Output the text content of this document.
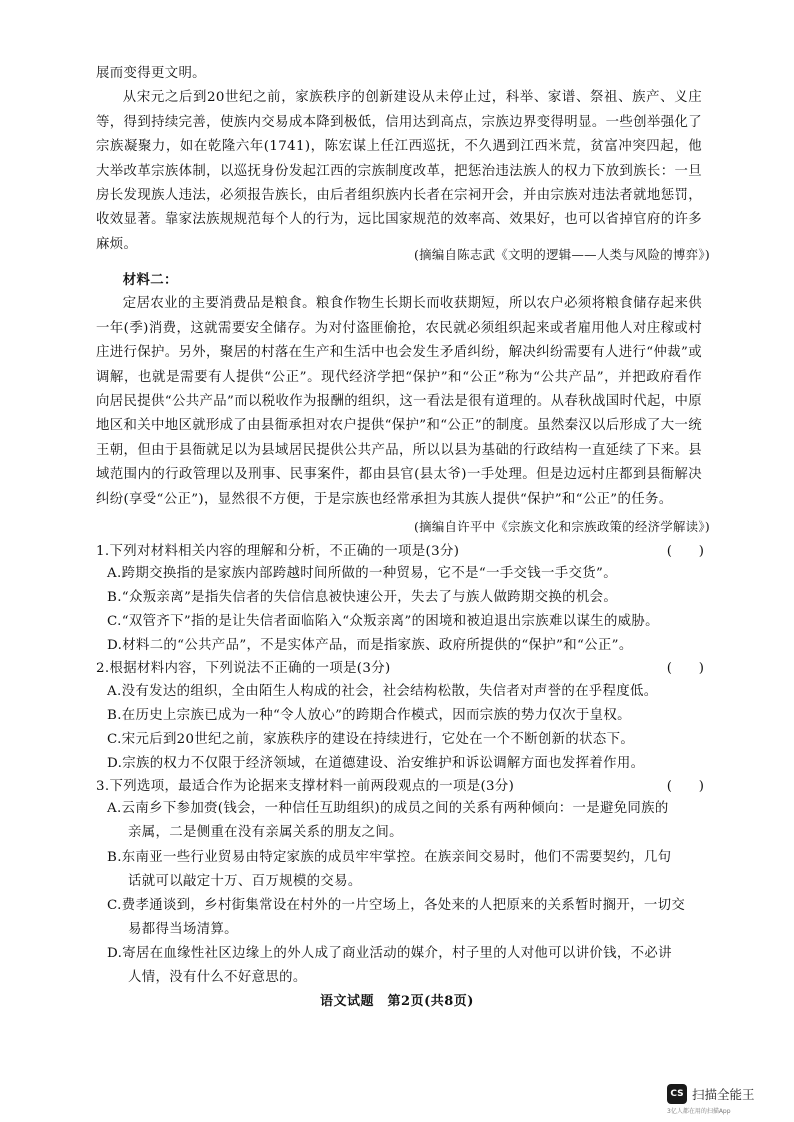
展而变得更文明。

从宋元之后到20世纪之前，家族秩序的创新建设从未停止过，科举、家谱、祭祖、族产、义庄等，得到持续完善，使族内交易成本降到极低，信用达到高点，宗族边界变得明显。一些创举强化了宗族凝聚力，如在乾隆六年(1741)，陈宏谋上任江西巡抚，不久遇到江西米荒，贫富冲突四起，他大举改革宗族体制，以巡抚身份发起江西的宗族制度改革，把惩治违法族人的权力下放到族长：一旦房长发现族人违法，必须报告族长，由后者组织族内长者在宗祠开会，并由宗族对违法者就地惩罚，收效显著。靠家法族规规范每个人的行为，远比国家规范的效率高、效果好，也可以省掉官府的许多麻烦。

(摘编自陈志武《文明的逻辑——人类与风险的博弈》)

材料二：

定居农业的主要消费品是粮食。粮食作物生长期长而收获期短，所以农户必须将粮食储存起来供一年(季)消费，这就需要安全储存。为对付盗匪偷抢，农民就必须组织起来或者雇用他人对庄稼或村庄进行保护。另外，聚居的村落在生产和生活中也会发生矛盾纠纷，解决纠纷需要有人进行“仲裁”或调解，也就是需要有人提供“公正”。现代经济学把“保护”和“公正”称为“公共产品”，并把政府看作向居民提供“公共产品”而以税收作为报酬的组织，这一看法是很有道理的。从春秋战国时代起，中原地区和关中地区就形成了由县衙承担对农户提供“保护”和“公正”的制度。虽然秦汉以后形成了大一统王朝，但由于县衙就足以为县域居民提供公共产品，所以以县为基础的行政结构一直延续了下来。县域范围内的行政管理以及刑事、民事案件，都由县官(县太爷)一手处理。但是边远村庄都到县衙解决纠纷(享受“公正”)，显然很不方便，于是宗族也经常承担为其族人提供“保护”和“公正”的任务。

(摘编自许平中《宗族文化和宗族政策的经济学解读》)
1.下列对材料相关内容的理解和分析，不正确的一项是(3分)	(　　)
A.跨期交换指的是家族内部跨越时间所做的一种贸易，它不是“一手交钱一手交货”。
B.“众叛亲离”是指失信者的失信信息被快速公开，失去了与族人做跨期交换的机会。
C.“双管齐下”指的是让失信者面临陷入“众叛亲离”的困境和被迫退出宗族难以谋生的威胁。
D.材料二的“公共产品”，不是实体产品，而是指家族、政府所提供的“保护”和“公正”。
2.根据材料内容，下列说法不正确的一项是(3分)	(　　)
A.没有发达的组织，全由陌生人构成的社会，社会结构松散，失信者对声誉的在乎程度低。
B.在历史上宗族已成为一种“令人放心”的跨期合作模式，因而宗族的势力仅次于皇权。
C.宋元后到20世纪之前，家族秩序的建设在持续进行，它处在一个不断创新的状态下。
D.宗族的权力不仅限于经济领域，在道德建设、治安维护和诉讼调解方面也发挥着作用。
3.下列选项，最适合作为论据来支撑材料一前两段观点的一项是(3分)	(　　)
A.云南乡下参加赍(钱会，一种信任互助组织)的成员之间的关系有两种倾向：一是避免同族的
亲属，二是侧重在没有亲属关系的朋友之间。
B.东南亚一些行业贸易由特定家族的成员牢牢掌控。在族亲间交易时，他们不需要契约，几句
话就可以敲定十万、百万规模的交易。
C.费孝通谈到，乡村街集常设在村外的一片空场上，各处来的人把原来的关系暂时搁开，一切交
易都得当场清算。
D.寄居在血缘性社区边缘上的外人成了商业活动的媒介，村子里的人对他可以讲价钱，不必讲
人情，没有什么不好意思的。
语文试题　第2页(共8页)
CS 扫描全能王
3亿人都在用的扫描App
